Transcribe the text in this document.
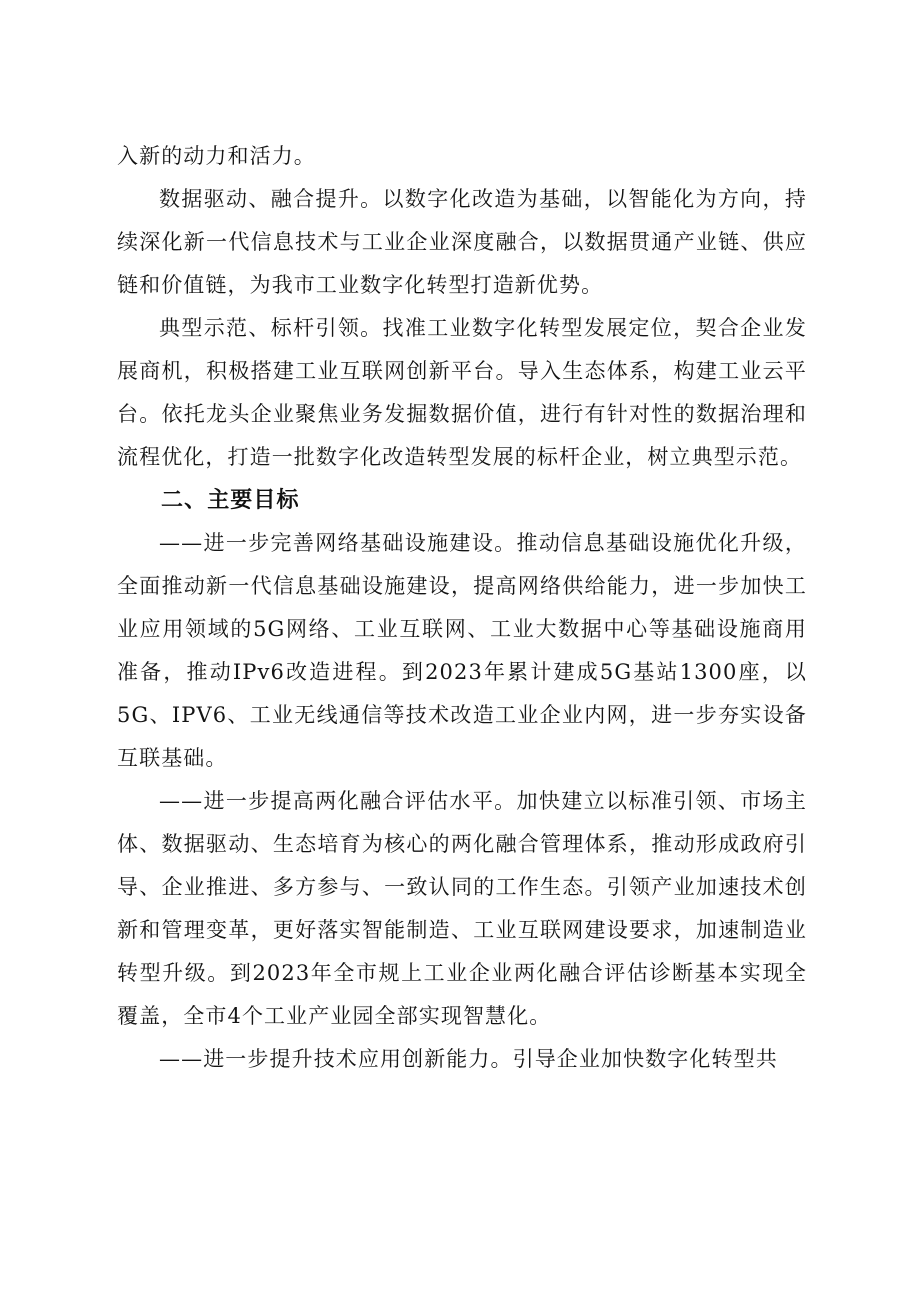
入新的动力和活力。

数据驱动、融合提升。以数字化改造为基础，以智能化为方向，持续深化新一代信息技术与工业企业深度融合，以数据贯通产业链、供应链和价值链，为我市工业数字化转型打造新优势。

典型示范、标杆引领。找准工业数字化转型发展定位，契合企业发展商机，积极搭建工业互联网创新平台。导入生态体系，构建工业云平台。依托龙头企业聚焦业务发掘数据价值，进行有针对性的数据治理和流程优化，打造一批数字化改造转型发展的标杆企业，树立典型示范。

二、主要目标

——进一步完善网络基础设施建设。推动信息基础设施优化升级，全面推动新一代信息基础设施建设，提高网络供给能力，进一步加快工业应用领域的5G网络、工业互联网、工业大数据中心等基础设施商用准备，推动IPv6改造进程。到2023年累计建成5G基站1300座，以5G、IPV6、工业无线通信等技术改造工业企业内网，进一步夯实设备互联基础。

——进一步提高两化融合评估水平。加快建立以标准引领、市场主体、数据驱动、生态培育为核心的两化融合管理体系，推动形成政府引导、企业推进、多方参与、一致认同的工作生态。引领产业加速技术创新和管理变革，更好落实智能制造、工业互联网建设要求，加速制造业转型升级。到2023年全市规上工业企业两化融合评估诊断基本实现全覆盖，全市4个工业产业园全部实现智慧化。

——进一步提升技术应用创新能力。引导企业加快数字化转型共
